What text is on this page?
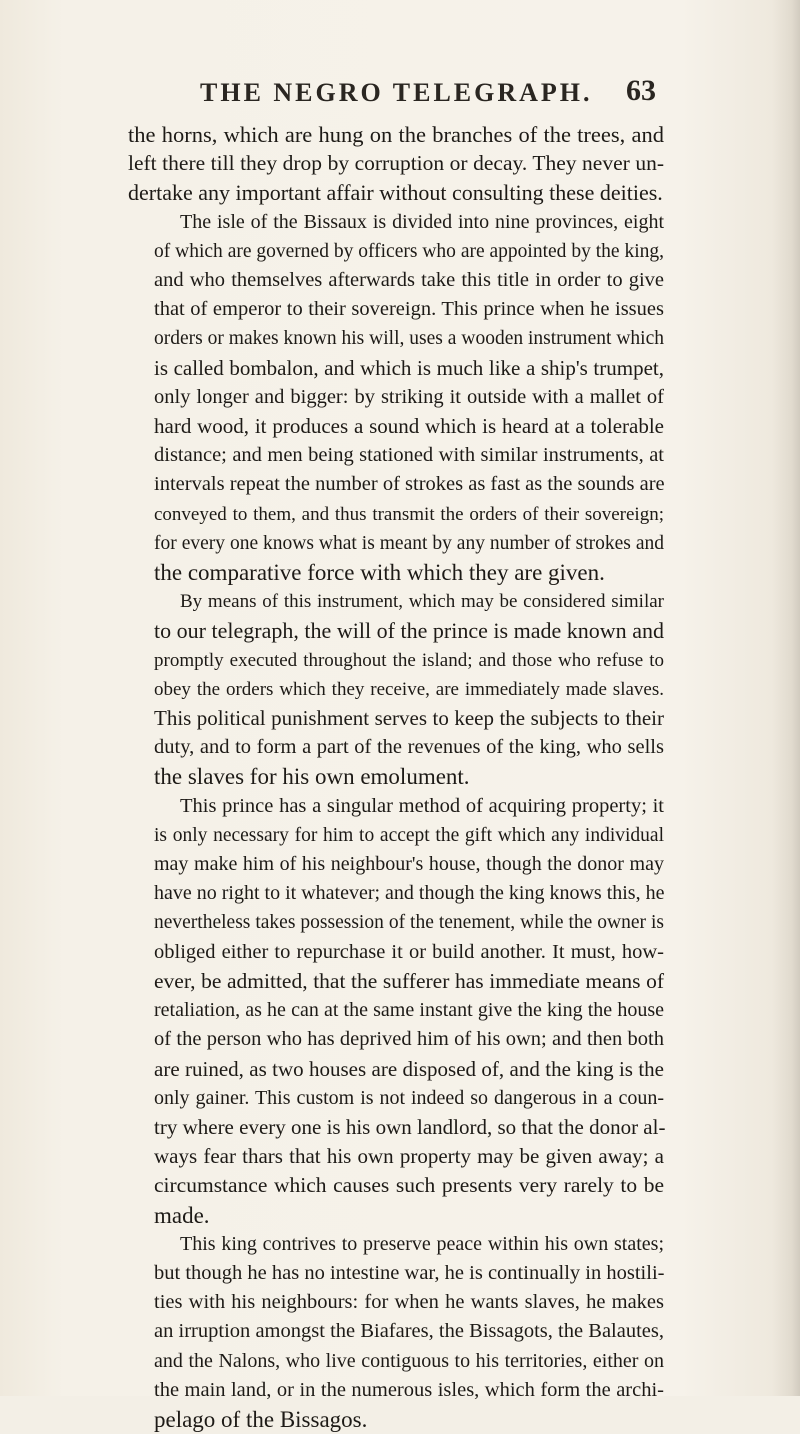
THE NEGRO TELEGRAPH.	63

the horns, which are hung on the branches of the trees, and
left there till they drop by corruption or decay. They never un-
dertake any important affair without consulting these deities.

The isle of the Bissaux is divided into nine provinces, eight
of which are governed by officers who are appointed by the king,
and who themselves afterwards take this title in order to give
that of emperor to their sovereign. This prince when he issues
orders or makes known his will, uses a wooden instrument which
is called bombalon, and which is much like a ship's trumpet,
only longer and bigger: by striking it outside with a mallet of
hard wood, it produces a sound which is heard at a tolerable
distance; and men being stationed with similar instruments, at
intervals repeat the number of strokes as fast as the sounds are
conveyed to them, and thus transmit the orders of their sovereign;
for every one knows what is meant by any number of strokes and
the comparative force with which they are given.

By means of this instrument, which may be considered similar
to our telegraph, the will of the prince is made known and
promptly executed throughout the island; and those who refuse to
obey the orders which they receive, are immediately made slaves.
This political punishment serves to keep the subjects to their
duty, and to form a part of the revenues of the king, who sells
the slaves for his own emolument.

This prince has a singular method of acquiring property; it
is only necessary for him to accept the gift which any individual
may make him of his neighbour's house, though the donor may
have no right to it whatever; and though the king knows this, he
nevertheless takes possession of the tenement, while the owner is
obliged either to repurchase it or build another. It must, how-
ever, be admitted, that the sufferer has immediate means of
retaliation, as he can at the same instant give the king the house
of the person who has deprived him of his own; and then both
are ruined, as two houses are disposed of, and the king is the
only gainer. This custom is not indeed so dangerous in a coun-
try where every one is his own landlord, so that the donor al-
ways fear thars that his own property may be given away; a
circumstance which causes such presents very rarely to be
made.

This king contrives to preserve peace within his own states;
but though he has no intestine war, he is continually in hostili-
ties with his neighbours: for when he wants slaves, he makes
an irruption amongst the Biafares, the Bissagots, the Balautes,
and the Nalons, who live contiguous to his territories, either on
the main land, or in the numerous isles, which form the archi-
pelago of the Bissagos.
